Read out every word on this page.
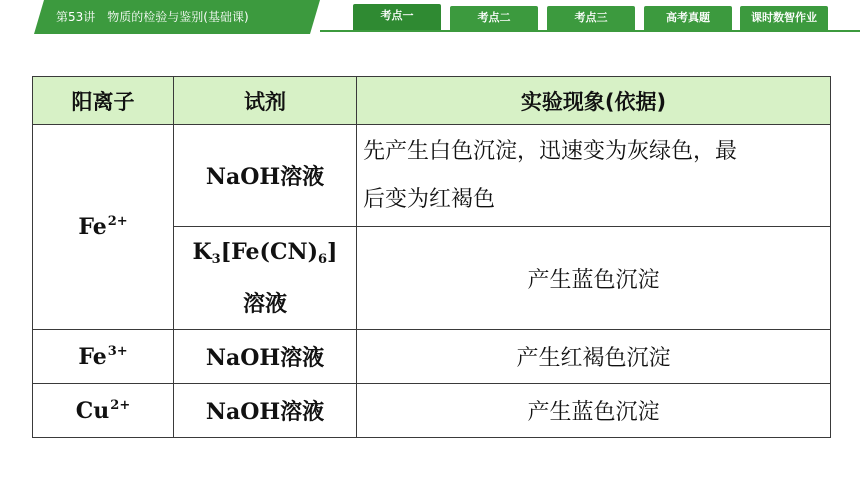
第53讲　物质的检验与鉴别(基础课)	考点一	考点二	考点三	高考真题	课时数智作业
阳离子	试剂	实验现象(依据)
$Fe^{2+}$	NaOH溶液	先产生白色沉淀，迅速变为灰绿色，最
后变为红褐色
	$K_3[Fe(CN)_6]$
溶液	产生蓝色沉淀
$Fe^{3+}$	NaOH溶液	产生红褐色沉淀
$Cu^{2+}$	NaOH溶液	产生蓝色沉淀
